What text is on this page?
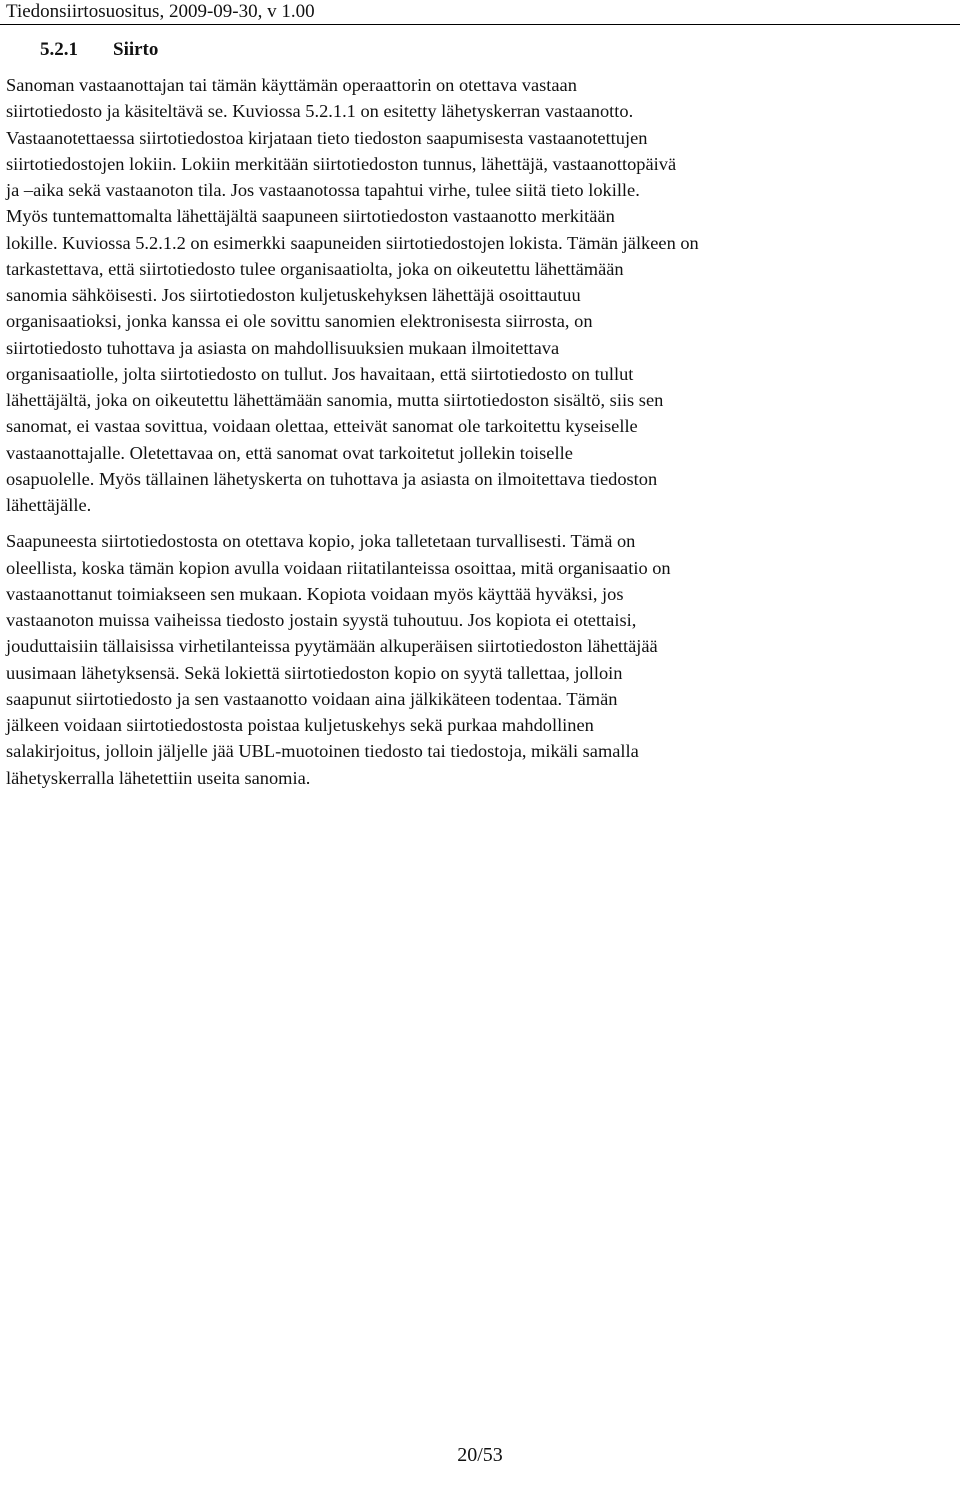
Tiedonsiirtosuositus, 2009-09-30, v 1.00
5.2.1 Siirto

Sanoman vastaanottajan tai tämän käyttämän operaattorin on otettava vastaan
siirtotiedosto ja käsiteltävä se. Kuviossa 5.2.1.1 on esitetty lähetyskerran vastaanotto.
Vastaanotettaessa siirtotiedostoa kirjataan tieto tiedoston saapumisesta vastaanotettujen
siirtotiedostojen lokiin. Lokiin merkitään siirtotiedoston tunnus, lähettäjä, vastaanottopäivä
ja –aika sekä vastaanoton tila. Jos vastaanotossa tapahtui virhe, tulee siitä tieto lokille.
Myös tuntemattomalta lähettäjältä saapuneen siirtotiedoston vastaanotto merkitään
lokille. Kuviossa 5.2.1.2 on esimerkki saapuneiden siirtotiedostojen lokista. Tämän jälkeen on
tarkastettava, että siirtotiedosto tulee organisaatiolta, joka on oikeutettu lähettämään
sanomia sähköisesti. Jos siirtotiedoston kuljetuskehyksen lähettäjä osoittautuu
organisaatioksi, jonka kanssa ei ole sovittu sanomien elektronisesta siirrosta, on
siirtotiedosto tuhottava ja asiasta on mahdollisuuksien mukaan ilmoitettava
organisaatiolle, jolta siirtotiedosto on tullut. Jos havaitaan, että siirtotiedosto on tullut
lähettäjältä, joka on oikeutettu lähettämään sanomia, mutta siirtotiedoston sisältö, siis sen
sanomat, ei vastaa sovittua, voidaan olettaa, etteivät sanomat ole tarkoitettu kyseiselle
vastaanottajalle. Oletettavaa on, että sanomat ovat tarkoitetut jollekin toiselle
osapuolelle. Myös tällainen lähetyskerta on tuhottava ja asiasta on ilmoitettava tiedoston
lähettäjälle.

Saapuneesta siirtotiedostosta on otettava kopio, joka talletetaan turvallisesti. Tämä on
oleellista, koska tämän kopion avulla voidaan riitatilanteissa osoittaa, mitä organisaatio on
vastaanottanut toimiakseen sen mukaan. Kopiota voidaan myös käyttää hyväksi, jos
vastaanoton muissa vaiheissa tiedosto jostain syystä tuhoutuu. Jos kopiota ei otettaisi,
jouduttaisiin tällaisissa virhetilanteissa pyytämään alkuperäisen siirtotiedoston lähettäjää
uusimaan lähetyksensä. Sekä lokiettä siirtotiedoston kopio on syytä tallettaa, jolloin
saapunut siirtotiedosto ja sen vastaanotto voidaan aina jälkikäteen todentaa. Tämän
jälkeen voidaan siirtotiedostosta poistaa kuljetuskehys sekä purkaa mahdollinen
salakirjoitus, jolloin jäljelle jää UBL-muotoinen tiedosto tai tiedostoja, mikäli samalla
lähetyskerralla lähetettiin useita sanomia.

20/53
